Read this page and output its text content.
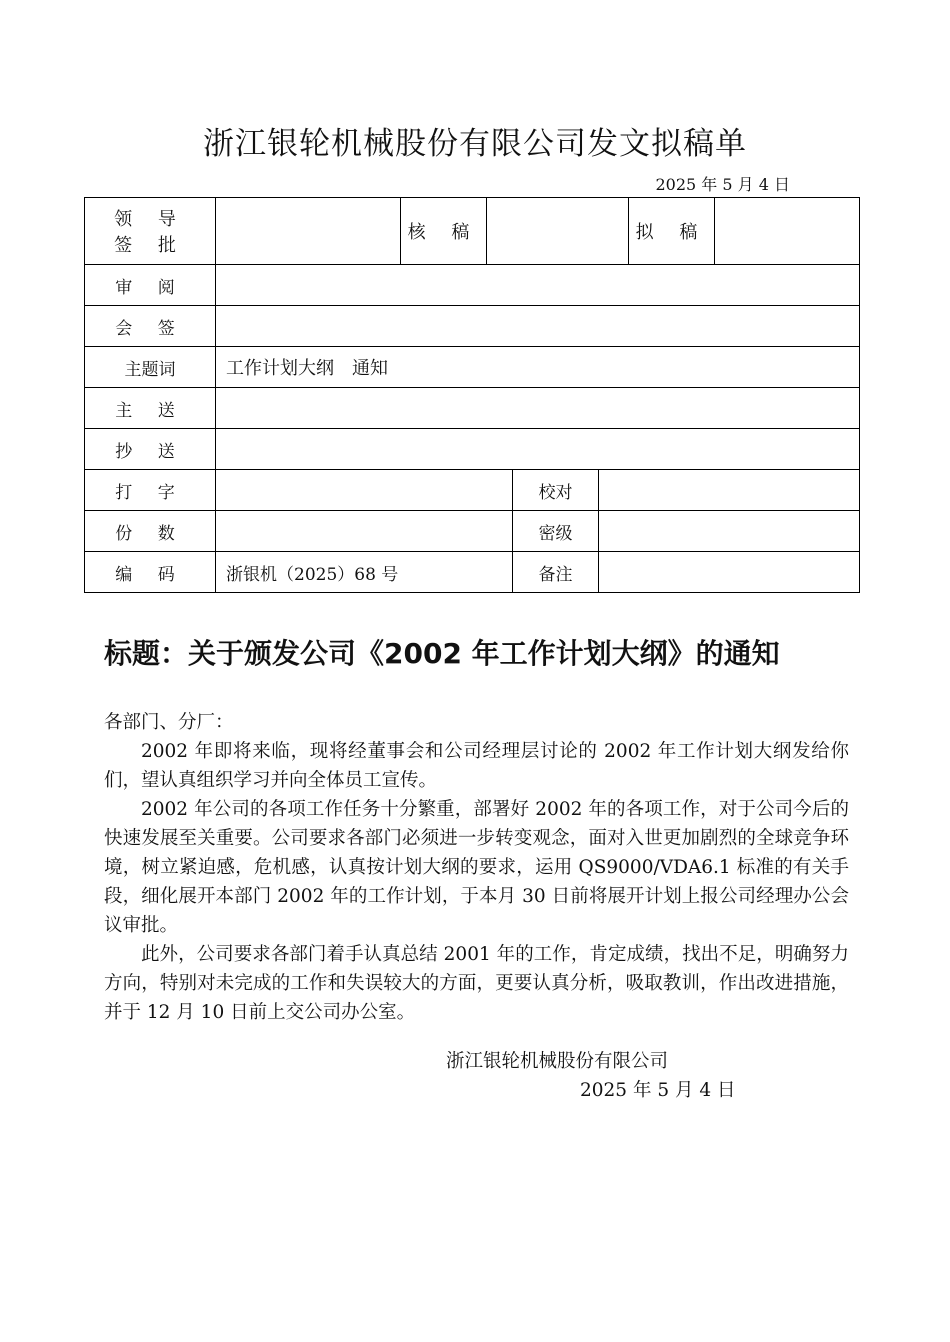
浙江银轮机械股份有限公司发文拟稿单
2025 年 5 月 4 日
领 导
签 批		核 稿				拟 稿	
审 阅							
会 签							
主题词	工作计划大纲　通知						
主 送							
抄 送							
打 字				校对			
份 数				密级			
编 码	浙银机（2025）68 号			备注			
标题：关于颁发公司《2002 年工作计划大纲》的通知

各部门、分厂：

2002 年即将来临，现将经董事会和公司经理层讨论的 2002 年工作计划大纲发给你们，望认真组织学习并向全体员工宣传。

2002 年公司的各项工作任务十分繁重，部署好 2002 年的各项工作，对于公司今后的快速发展至关重要。公司要求各部门必须进一步转变观念，面对入世更加剧烈的全球竞争环境，树立紧迫感，危机感，认真按计划大纲的要求，运用 QS9000/VDA6.1 标准的有关手段，细化展开本部门 2002 年的工作计划，于本月 30 日前将展开计划上报公司经理办公会议审批。

此外，公司要求各部门着手认真总结 2001 年的工作，肯定成绩，找出不足，明确努力方向，特别对未完成的工作和失误较大的方面，更要认真分析，吸取教训，作出改进措施，并于 12 月 10 日前上交公司办公室。

浙江银轮机械股份有限公司
2025 年 5 月 4 日
